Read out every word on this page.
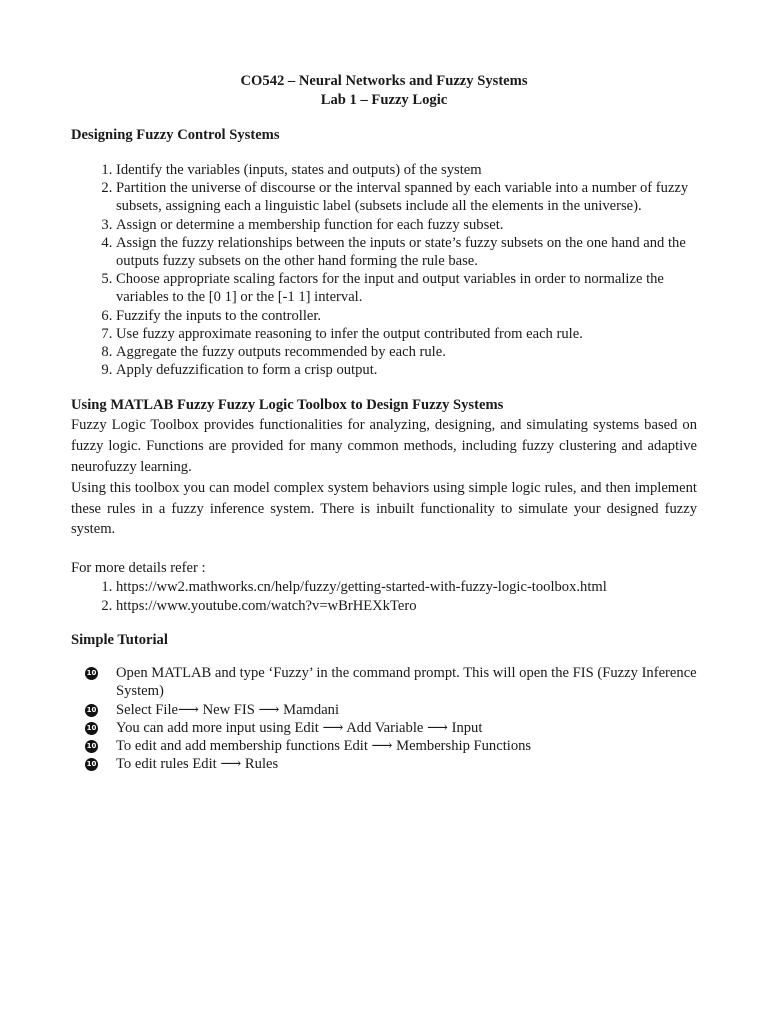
CO542 – Neural Networks and Fuzzy Systems
Lab 1 – Fuzzy Logic
Designing Fuzzy Control Systems
1. Identify the variables (inputs, states and outputs) of the system
2. Partition the universe of discourse or the interval spanned by each variable into a number of fuzzy subsets, assigning each a linguistic label (subsets include all the elements in the universe).
3. Assign or determine a membership function for each fuzzy subset.
4. Assign the fuzzy relationships between the inputs or state’s fuzzy subsets on the one hand and the outputs fuzzy subsets on the other hand forming the rule base.
5. Choose appropriate scaling factors for the input and output variables in order to normalize the variables to the [0 1] or the [-1 1] interval.
6. Fuzzify the inputs to the controller.
7. Use fuzzy approximate reasoning to infer the output contributed from each rule.
8. Aggregate the fuzzy outputs recommended by each rule.
9. Apply defuzzification to form a crisp output.
Using MATLAB Fuzzy Fuzzy Logic Toolbox to Design Fuzzy Systems

Fuzzy Logic Toolbox provides functionalities for analyzing, designing, and simulating systems based on fuzzy logic. Functions are provided for many common methods, including fuzzy clustering and adaptive neurofuzzy learning.

Using this toolbox you can model complex system behaviors using simple logic rules, and then implement these rules in a fuzzy inference system. There is inbuilt functionality to simulate your designed fuzzy system.

For more details refer :
1. https://ww2.mathworks.cn/help/fuzzy/getting-started-with-fuzzy-logic-toolbox.html
2. https://www.youtube.com/watch?v=wBrHEXkTero
Simple Tutorial
10 Open MATLAB and type ‘Fuzzy’ in the command prompt. This will open the FIS (Fuzzy Inference System)
10 Select File⟶ New FIS ⟶ Mamdani
10 You can add more input using Edit ⟶ Add Variable ⟶ Input
10 To edit and add membership functions Edit ⟶ Membership Functions
10 To edit rules Edit ⟶ Rules
